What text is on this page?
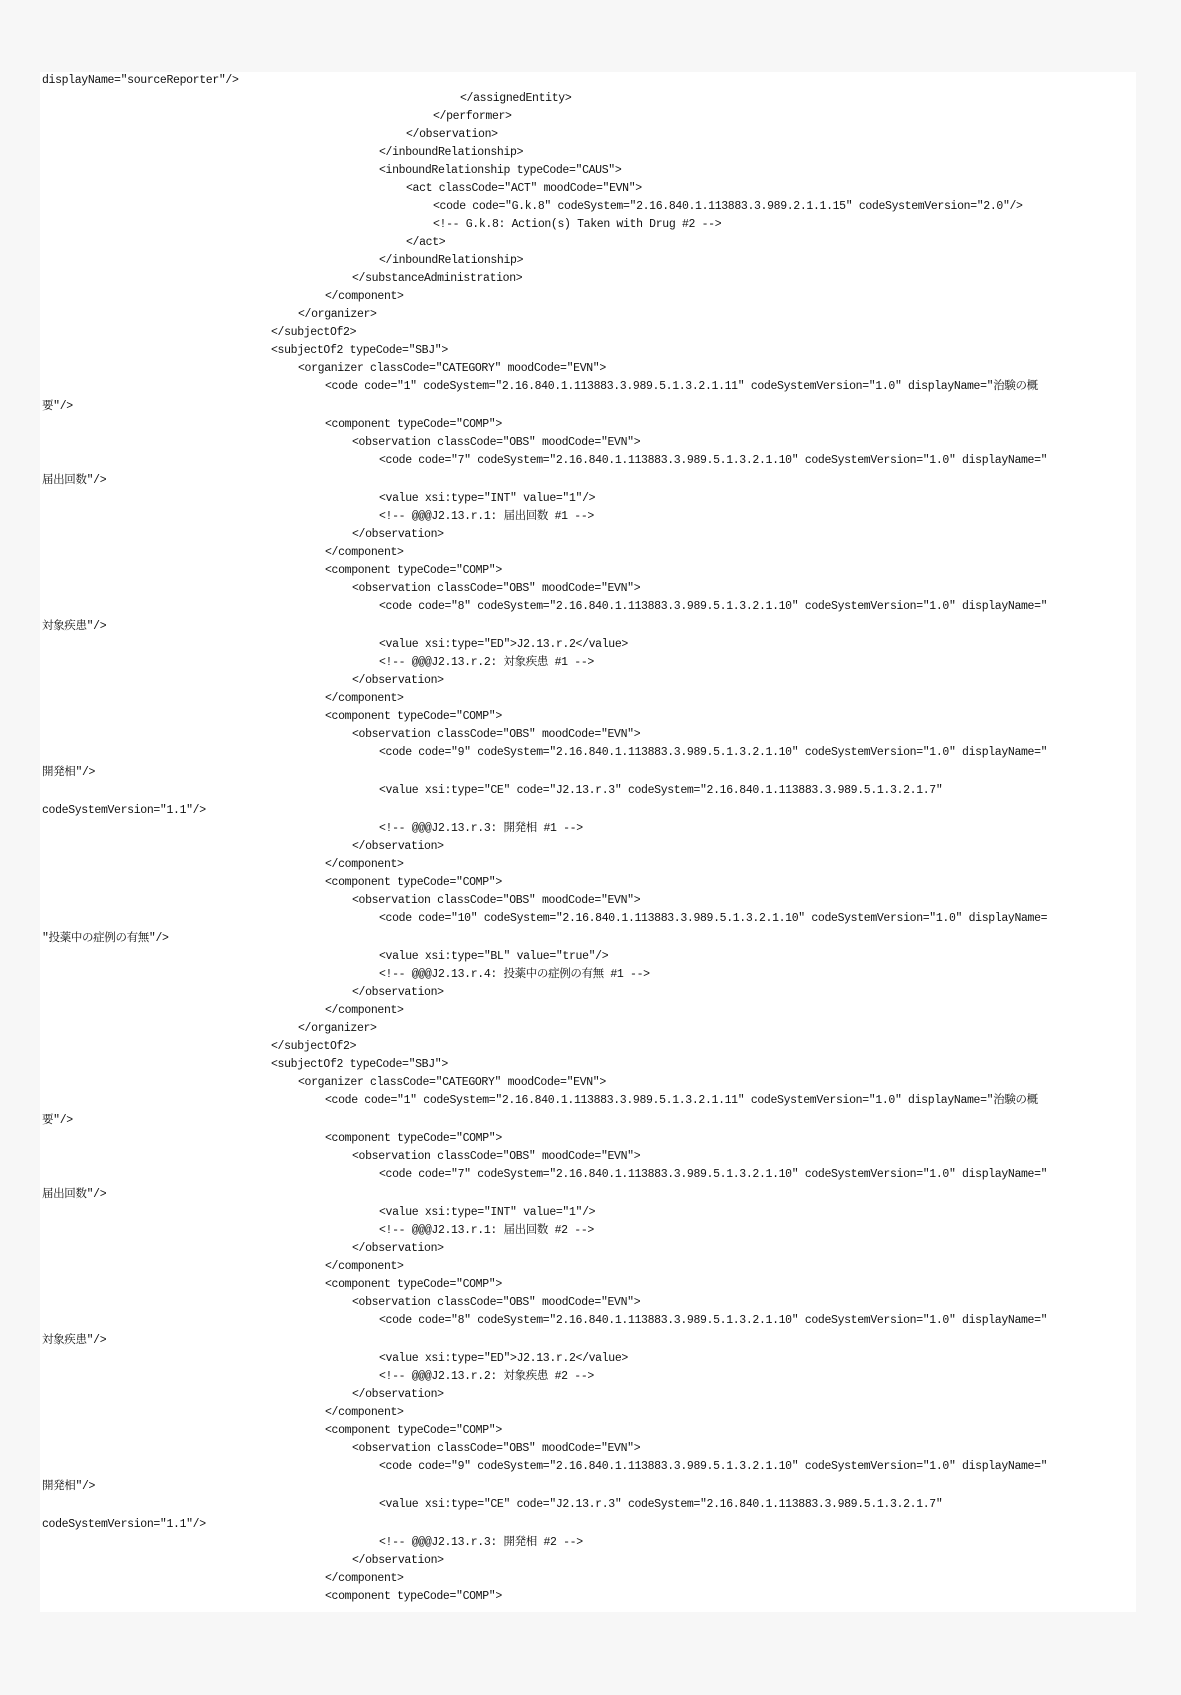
displayName="sourceReporter"/>
</assignedEntity>
</performer>
</observation>
</inboundRelationship>
<inboundRelationship typeCode="CAUS">
<act classCode="ACT" moodCode="EVN">
<code code="G.k.8" codeSystem="2.16.840.1.113883.3.989.2.1.1.15" codeSystemVersion="2.0"/>
<!-- G.k.8: Action(s) Taken with Drug #2 -->
</act>
</inboundRelationship>
</substanceAdministration>
</component>
</organizer>
</subjectOf2>
<subjectOf2 typeCode="SBJ">
<organizer classCode="CATEGORY" moodCode="EVN">
<code code="1" codeSystem="2.16.840.1.113883.3.989.5.1.3.2.1.11" codeSystemVersion="1.0" displayName="治験の概
要"/>
<component typeCode="COMP">
<observation classCode="OBS" moodCode="EVN">
<code code="7" codeSystem="2.16.840.1.113883.3.989.5.1.3.2.1.10" codeSystemVersion="1.0" displayName="
届出回数"/>
<value xsi:type="INT" value="1"/>
<!-- @@@J2.13.r.1: 届出回数 #1 -->
</observation>
</component>
<component typeCode="COMP">
<observation classCode="OBS" moodCode="EVN">
<code code="8" codeSystem="2.16.840.1.113883.3.989.5.1.3.2.1.10" codeSystemVersion="1.0" displayName="
対象疾患"/>
<value xsi:type="ED">J2.13.r.2</value>
<!-- @@@J2.13.r.2: 対象疾患 #1 -->
</observation>
</component>
<component typeCode="COMP">
<observation classCode="OBS" moodCode="EVN">
<code code="9" codeSystem="2.16.840.1.113883.3.989.5.1.3.2.1.10" codeSystemVersion="1.0" displayName="
開発相"/>
<value xsi:type="CE" code="J2.13.r.3" codeSystem="2.16.840.1.113883.3.989.5.1.3.2.1.7"
codeSystemVersion="1.1"/>
<!-- @@@J2.13.r.3: 開発相 #1 -->
</observation>
</component>
<component typeCode="COMP">
<observation classCode="OBS" moodCode="EVN">
<code code="10" codeSystem="2.16.840.1.113883.3.989.5.1.3.2.1.10" codeSystemVersion="1.0" displayName=
"投薬中の症例の有無"/>
<value xsi:type="BL" value="true"/>
<!-- @@@J2.13.r.4: 投薬中の症例の有無 #1 -->
</observation>
</component>
</organizer>
</subjectOf2>
<subjectOf2 typeCode="SBJ">
<organizer classCode="CATEGORY" moodCode="EVN">
<code code="1" codeSystem="2.16.840.1.113883.3.989.5.1.3.2.1.11" codeSystemVersion="1.0" displayName="治験の概
要"/>
<component typeCode="COMP">
<observation classCode="OBS" moodCode="EVN">
<code code="7" codeSystem="2.16.840.1.113883.3.989.5.1.3.2.1.10" codeSystemVersion="1.0" displayName="
届出回数"/>
<value xsi:type="INT" value="1"/>
<!-- @@@J2.13.r.1: 届出回数 #2 -->
</observation>
</component>
<component typeCode="COMP">
<observation classCode="OBS" moodCode="EVN">
<code code="8" codeSystem="2.16.840.1.113883.3.989.5.1.3.2.1.10" codeSystemVersion="1.0" displayName="
対象疾患"/>
<value xsi:type="ED">J2.13.r.2</value>
<!-- @@@J2.13.r.2: 対象疾患 #2 -->
</observation>
</component>
<component typeCode="COMP">
<observation classCode="OBS" moodCode="EVN">
<code code="9" codeSystem="2.16.840.1.113883.3.989.5.1.3.2.1.10" codeSystemVersion="1.0" displayName="
開発相"/>
<value xsi:type="CE" code="J2.13.r.3" codeSystem="2.16.840.1.113883.3.989.5.1.3.2.1.7"
codeSystemVersion="1.1"/>
<!-- @@@J2.13.r.3: 開発相 #2 -->
</observation>
</component>
<component typeCode="COMP">
